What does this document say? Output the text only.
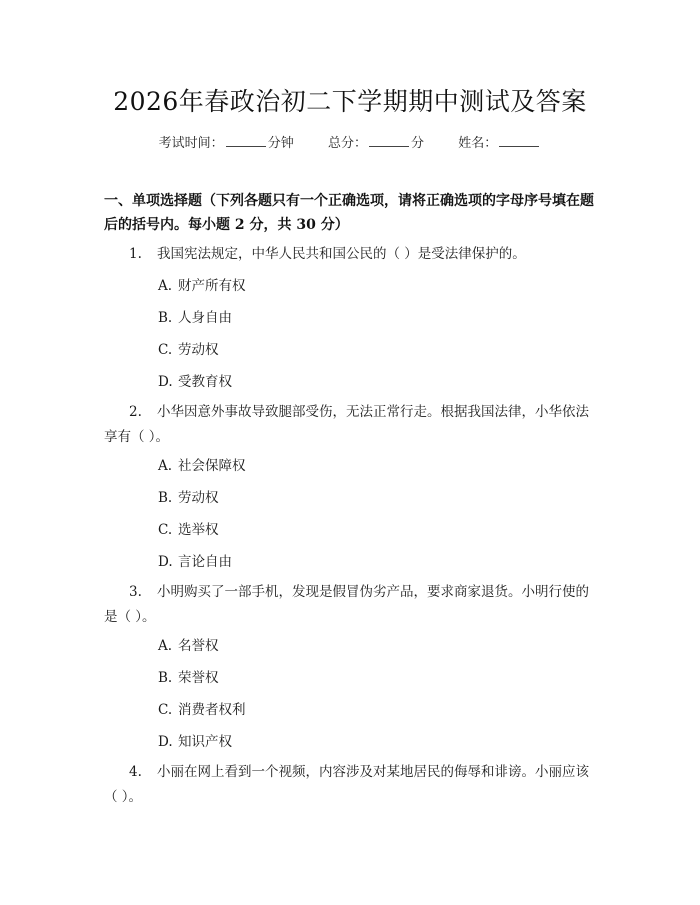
2026年春政治初二下学期期中测试及答案
考试时间：	分钟	总分：	分	姓名：
一、单项选择题（下列各题只有一个正确选项，请将正确选项的字母序号填在题后的括号内。每小题 2 分，共 30 分）
1. 我国宪法规定，中华人民共和国公民的（ ）是受法律保护的。
A. 财产所有权
B. 人身自由
C. 劳动权
D. 受教育权
2. 小华因意外事故导致腿部受伤，无法正常行走。根据我国法律，小华依法享有（ ）。
A. 社会保障权
B. 劳动权
C. 选举权
D. 言论自由
3. 小明购买了一部手机，发现是假冒伪劣产品，要求商家退货。小明行使的是（ ）。
A. 名誉权
B. 荣誉权
C. 消费者权利
D. 知识产权
4. 小丽在网上看到一个视频，内容涉及对某地居民的侮辱和诽谤。小丽应该（ ）。
